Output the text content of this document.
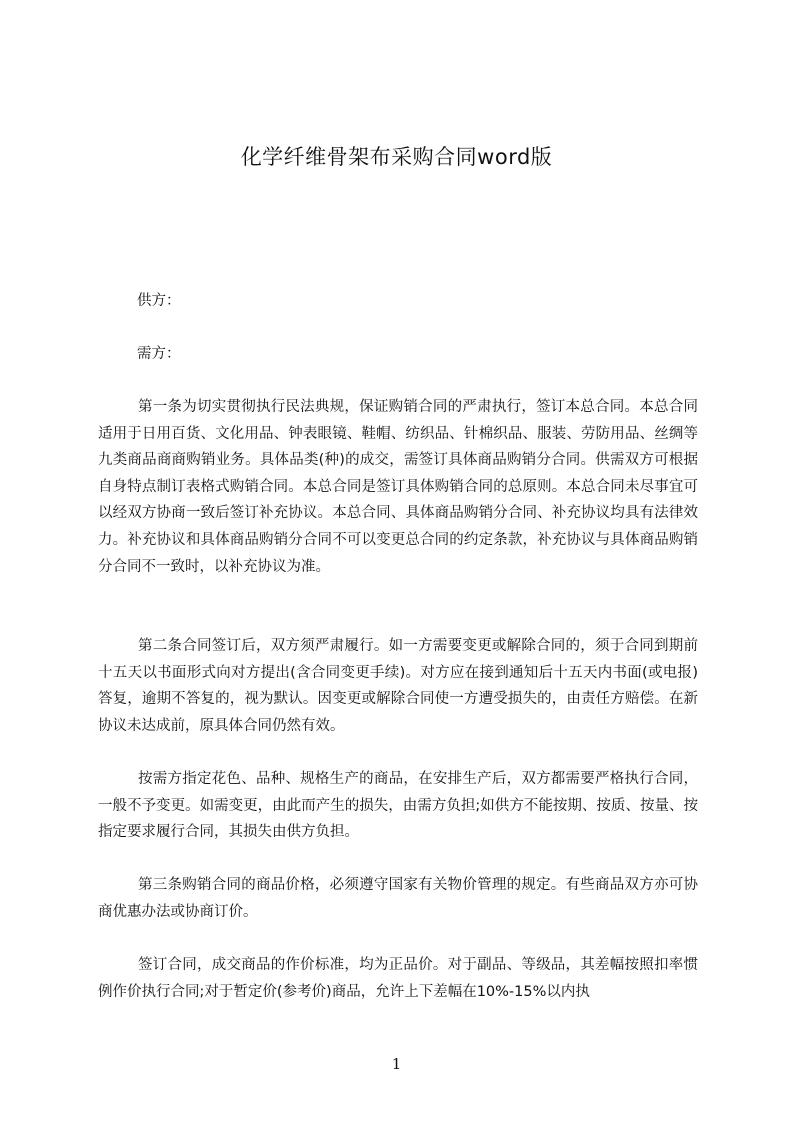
化学纤维骨架布采购合同word版
供方：
需方：

第一条为切实贯彻执行民法典规，保证购销合同的严肃执行，签订本总合同。本总合同适用于日用百货、文化用品、钟表眼镜、鞋帽、纺织品、针棉织品、服装、劳防用品、丝绸等九类商品商商购销业务。具体品类(种)的成交，需签订具体商品购销分合同。供需双方可根据自身特点制订表格式购销合同。本总合同是签订具体购销合同的总原则。本总合同未尽事宜可以经双方协商一致后签订补充协议。本总合同、具体商品购销分合同、补充协议均具有法律效力。补充协议和具体商品购销分合同不可以变更总合同的约定条款，补充协议与具体商品购销分合同不一致时，以补充协议为准。

第二条合同签订后，双方须严肃履行。如一方需要变更或解除合同的，须于合同到期前十五天以书面形式向对方提出(含合同变更手续)。对方应在接到通知后十五天内书面(或电报)答复，逾期不答复的，视为默认。因变更或解除合同使一方遭受损失的，由责任方赔偿。在新协议未达成前，原具体合同仍然有效。

按需方指定花色、品种、规格生产的商品，在安排生产后，双方都需要严格执行合同，一般不予变更。如需变更，由此而产生的损失，由需方负担;如供方不能按期、按质、按量、按指定要求履行合同，其损失由供方负担。

第三条购销合同的商品价格，必须遵守国家有关物价管理的规定。有些商品双方亦可协商优惠办法或协商订价。

签订合同，成交商品的作价标准，均为正品价。对于副品、等级品，其差幅按照扣率惯例作价执行合同;对于暂定价(参考价)商品，允许上下差幅在10%-15%以内执

1
